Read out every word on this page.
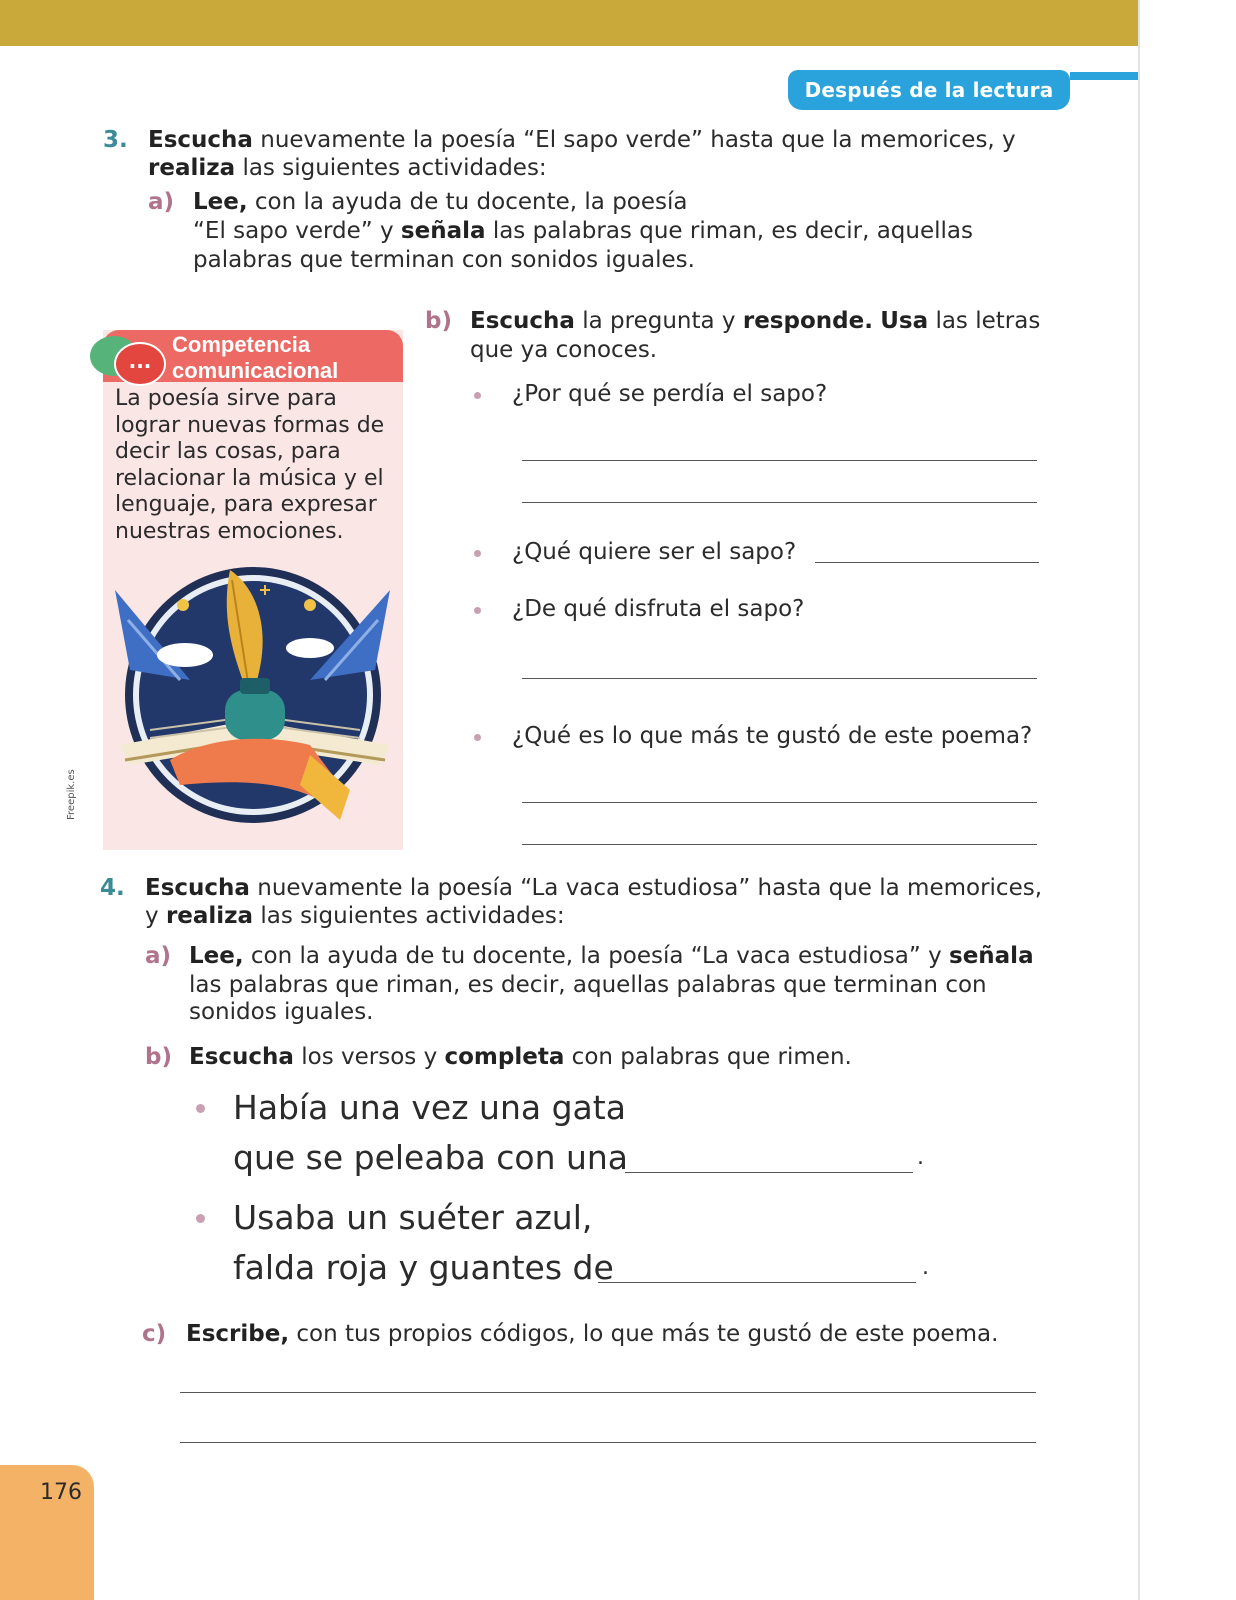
Después de la lectura
3. Escucha nuevamente la poesía “El sapo verde” hasta que la memorices, y
realiza las siguientes actividades:
a) Lee, con la ayuda de tu docente, la poesía
“El sapo verde” y señala las palabras que riman, es decir, aquellas
palabras que terminan con sonidos iguales.
...
Competencia
comunicacional
La poesía sirve para lograr nuevas formas de decir las cosas, para relacionar la música y el lenguaje, para expresar nuestras emociones.
Freepik.es
b) Escucha la pregunta y responde. Usa las letras
que ya conoces.
¿Por qué se perdía el sapo?
¿Qué quiere ser el sapo?
¿De qué disfruta el sapo?
¿Qué es lo que más te gustó de este poema?
4. Escucha nuevamente la poesía “La vaca estudiosa” hasta que la memorices,
y realiza las siguientes actividades:
a) Lee, con la ayuda de tu docente, la poesía “La vaca estudiosa” y señala
las palabras que riman, es decir, aquellas palabras que terminan con
sonidos iguales.
b) Escucha los versos y completa con palabras que rimen.
Había una vez una gata
que se peleaba con una	.
Usaba un suéter azul,
falda roja y guantes de	.
c) Escribe, con tus propios códigos, lo que más te gustó de este poema.
176
